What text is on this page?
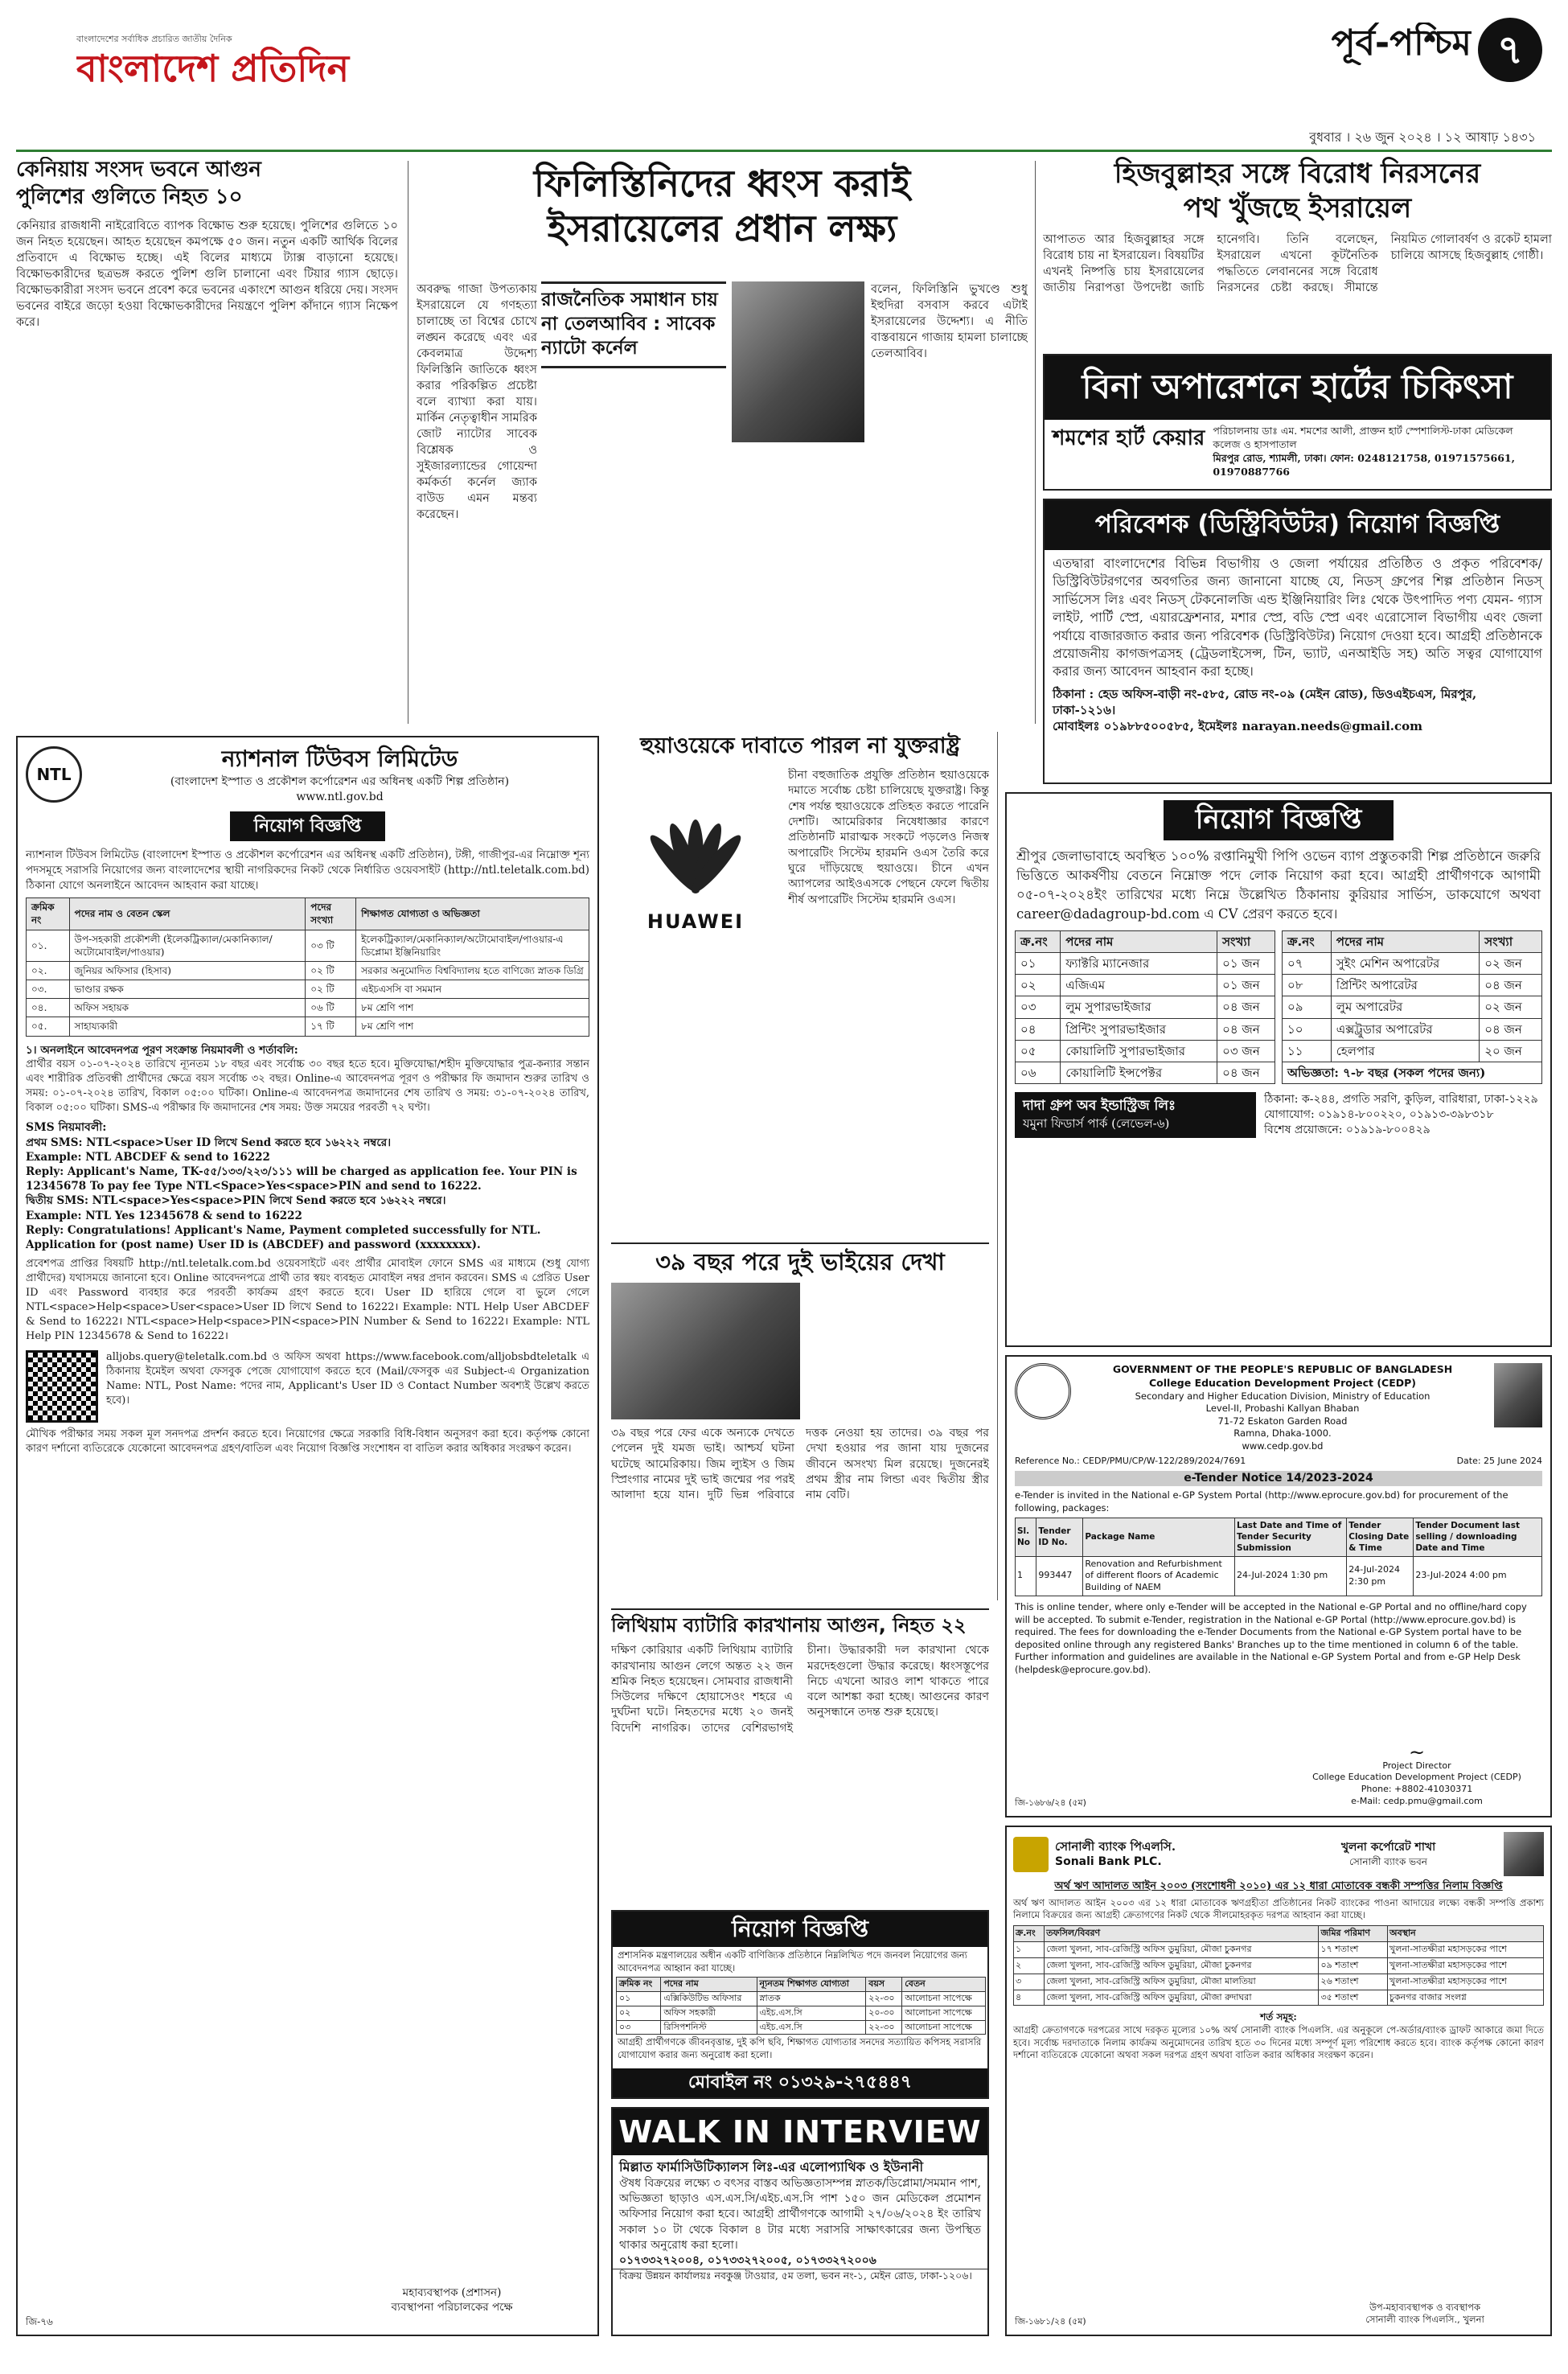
বাংলাদেশের সর্বাধিক প্রচারিত জাতীয় দৈনিক
বাংলাদেশ প্রতিদিন
পূর্ব-পশ্চিম ৭
বুধবার । ২৬ জুন ২০২৪ । ১২ আষাঢ় ১৪৩১
কেনিয়ায় সংসদ ভবনে আগুন
পুলিশের গুলিতে নিহত ১০
কেনিয়ার রাজধানী নাইরোবিতে ব্যাপক বিক্ষোভ শুরু হয়েছে। পুলিশের গুলিতে ১০ জন নিহত হয়েছেন। আহত হয়েছেন কমপক্ষে ৫০ জন। নতুন একটি আর্থিক বিলের প্রতিবাদে এ বিক্ষোভ হচ্ছে। এই বিলের মাধ্যমে ট্যাক্স বাড়ানো হয়েছে। বিক্ষোভকারীদের ছত্রভঙ্গ করতে পুলিশ গুলি চালানো এবং টিয়ার গ্যাস ছোড়ে। বিক্ষোভকারীরা সংসদ ভবনে প্রবেশ করে ভবনের একাংশে আগুন ধরিয়ে দেয়। সংসদ ভবনের বাইরে জড়ো হওয়া বিক্ষোভকারীদের নিয়ন্ত্রণে পুলিশ কাঁদানে গ্যাস নিক্ষেপ করে।
ফিলিস্তিনিদের ধ্বংস করাই
ইসরায়েলের প্রধান লক্ষ্য
রাজনৈতিক সমাধান চায় না তেলআবিব : সাবেক ন্যাটো কর্নেল
অবরুদ্ধ গাজা উপত্যকায় ইসরায়েলে যে গণহত্যা চালাচ্ছে তা বিশ্বের চোখে লঙ্ঘন করেছে এবং এর কেবলমাত্র উদ্দেশ্য ফিলিস্তিনি জাতিকে ধ্বংস করার পরিকল্পিত প্রচেষ্টা বলে ব্যাখ্যা করা যায়। মার্কিন নেতৃত্বাধীন সামরিক জোট ন্যাটোর সাবেক বিশ্লেষক ও সুইজারল্যান্ডের গোয়েন্দা কর্মকর্তা কর্নেল জ্যাক বাউড এমন মন্তব্য করেছেন।
বলেন, ফিলিস্তিনি ভুখণ্ডে শুধু ইহুদিরা বসবাস করবে এটাই ইসরায়েলের উদ্দেশ্য। এ নীতি বাস্তবায়নে গাজায় হামলা চালাচ্ছে তেলআবিব।
হিজবুল্লাহর সঙ্গে বিরোধ নিরসনের
পথ খুঁজছে ইসরায়েল
আপাতত আর হিজবুল্লাহর সঙ্গে বিরোধ চায় না ইসরায়েল। বিষয়টির এখনই নিষ্পত্তি চায় ইসরায়েলের জাতীয় নিরাপত্তা উপদেষ্টা জাচি হানেগবি। তিনি বলেছেন, ইসরায়েল এখনো কূটনৈতিক পদ্ধতিতে লেবাননের সঙ্গে বিরোধ নিরসনের চেষ্টা করছে। সীমান্তে নিয়মিত গোলাবর্ষণ ও রকেট হামলা চালিয়ে আসছে হিজবুল্লাহ গোষ্ঠী।
বিনা অপারেশনে হার্টের চিকিৎসা
শমশের হার্ট কেয়ার পরিচালনায় ডাঃ এম. শমশের আলী, প্রাক্তন হার্ট স্পেশালিস্ট-ঢাকা মেডিকেল কলেজ ও হাসপাতাল
মিরপুর রোড, শ্যামলী, ঢাকা। ফোন: 0248121758, 01971575661, 01970887766
পরিবেশক (ডিস্ট্রিবিউটর) নিয়োগ বিজ্ঞপ্তি
এতদ্বারা বাংলাদেশের বিভিন্ন বিভাগীয় ও জেলা পর্যায়ের প্রতিষ্ঠিত ও প্রকৃত পরিবেশক/ ডিস্ট্রিবিউটরগণের অবগতির জন্য জানানো যাচ্ছে যে, নিডস্ গ্রুপের শিল্প প্রতিষ্ঠান নিডস্ সার্ভিসেস লিঃ এবং নিডস্ টেকনোলজি এন্ড ইঞ্জিনিয়ারিং লিঃ থেকে উৎপাদিত পণ্য যেমন- গ্যাস লাইট, পার্টি স্প্রে, এয়ারফ্রেশনার, মশার স্প্রে, বডি স্প্রে এবং এরোসোল বিভাগীয় এবং জেলা পর্যায়ে বাজারজাত করার জন্য পরিবেশক (ডিস্ট্রিবিউটর) নিয়োগ দেওয়া হবে। আগ্রহী প্রতিষ্ঠানকে প্রয়োজনীয় কাগজপত্রসহ (ট্রেডলাইসেন্স, টিন, ভ্যাট, এনআইডি সহ) অতি সত্বর যোগাযোগ করার জন্য আবেদন আহবান করা হচ্ছে।
ঠিকানা : হেড অফিস-বাড়ী নং-৫৮৫, রোড নং-০৯ (মেইন রোড), ডিওএইচএস, মিরপুর, ঢাকা-১২১৬।
মোবাইলঃ ০১৯৮৮৫০০৫৮৫, ইমেইলঃ narayan.needs@gmail.com
NTL
ন্যাশনাল টিউবস লিমিটেড
(বাংলাদেশ ইস্পাত ও প্রকৌশল কর্পোরেশন এর অধিনস্থ একটি শিল্প প্রতিষ্ঠান)
www.ntl.gov.bd
নিয়োগ বিজ্ঞপ্তি
ন্যাশনাল টিউবস লিমিটেড (বাংলাদেশ ইস্পাত ও প্রকৌশল কর্পোরেশন এর অধিনস্থ একটি প্রতিষ্ঠান), টঙ্গী, গাজীপুর-এর নিম্নোক্ত শূন্য পদসমূহে সরাসরি নিয়োগের জন্য বাংলাদেশের স্থায়ী নাগরিকদের নিকট থেকে নির্ধারিত ওয়েবসাইট (http://ntl.teletalk.com.bd) ঠিকানা যোগে অনলাইনে আবেদন আহবান করা যাচ্ছে।
ক্রমিক নং	পদের নাম ও বেতন স্কেল	পদের সংখ্যা	শিক্ষাগত যোগ্যতা ও অভিজ্ঞতা
০১.	উপ-সহকারী প্রকৌশলী (ইলেকট্রিক্যাল/মেকানিক্যাল/অটোমোবাইল/পাওয়ার)	০৩ টি	ইলেকট্রিক্যাল/মেকানিক্যাল/অটোমোবাইল/পাওয়ার-এ ডিপ্লোমা ইঞ্জিনিয়ারিং
০২.	জুনিয়র অফিসার (হিসাব)	০২ টি	সরকার অনুমোদিত বিশ্ববিদ্যালয় হতে বাণিজ্যে স্নাতক ডিগ্রি
০৩.	ভাণ্ডার রক্ষক	০২ টি	এইচএসসি বা সমমান
০৪.	অফিস সহায়ক	০৬ টি	৮ম শ্রেণি পাশ
০৫.	সাহায্যকারী	১৭ টি	৮ম শ্রেণি পাশ
১। অনলাইনে আবেদনপত্র পূরণ সংক্রান্ত নিয়মাবলী ও শর্তাবলি:
প্রার্থীর বয়স ০১-০৭-২০২৪ তারিখে ন্যূনতম ১৮ বছর এবং সর্বোচ্চ ৩০ বছর হতে হবে। মুক্তিযোদ্ধা/শহীদ মুক্তিযোদ্ধার পুত্র-কন্যার সন্তান এবং শারীরিক প্রতিবন্ধী প্রার্থীদের ক্ষেত্রে বয়স সর্বোচ্চ ৩২ বছর। Online-এ আবেদনপত্র পূরণ ও পরীক্ষার ফি জমাদান শুরুর তারিখ ও সময়: ০১-০৭-২০২৪ তারিখ, বিকাল ০৫:০০ ঘটিকা। Online-এ আবেদনপত্র জমাদানের শেষ তারিখ ও সময়: ৩১-০৭-২০২৪ তারিখ, বিকাল ০৫:০০ ঘটিকা। SMS-এ পরীক্ষার ফি জমাদানের শেষ সময়: উক্ত সময়ের পরবর্তী ৭২ ঘণ্টা।
SMS নিয়মাবলী:
প্রথম SMS: NTL<space>User ID লিখে Send করতে হবে ১৬২২২ নম্বরে।
Example: NTL ABCDEF & send to 16222
Reply: Applicant's Name, TK-৫৫/১৩৩/২২৩/১১১ will be charged as application fee. Your PIN is 12345678 To pay fee Type NTL<Space>Yes<space>PIN and send to 16222.
দ্বিতীয় SMS: NTL<space>Yes<space>PIN লিখে Send করতে হবে ১৬২২২ নম্বরে।
Example: NTL Yes 12345678 & send to 16222
Reply: Congratulations! Applicant's Name, Payment completed successfully for NTL. Application for (post name) User ID is (ABCDEF) and password (xxxxxxxx).
প্রবেশপত্র প্রাপ্তির বিষয়টি http://ntl.teletalk.com.bd ওয়েবসাইটে এবং প্রার্থীর মোবাইল ফোনে SMS এর মাধ্যমে (শুধু যোগ্য প্রার্থীদের) যথাসময়ে জানানো হবে। Online আবেদনপত্রে প্রার্থী তার স্বয়ং ব্যবহৃত মোবাইল নম্বর প্রদান করবেন। SMS এ প্রেরিত User ID এবং Password ব্যবহার করে পরবর্তী কার্যক্রম গ্রহণ করতে হবে। User ID হারিয়ে গেলে বা ভুলে গেলে NTL<space>Help<space>User<space>User ID লিখে Send to 16222। Example: NTL Help User ABCDEF & Send to 16222। NTL<space>Help<space>PIN<space>PIN Number & Send to 16222। Example: NTL Help PIN 12345678 & Send to 16222।
alljobs.query@teletalk.com.bd ও অফিস অথবা https://www.facebook.com/alljobsbdteletalk এ ঠিকানায় ইমেইল অথবা ফেসবুক পেজে যোগাযোগ করতে হবে (Mail/ফেসবুক এর Subject-এ Organization Name: NTL, Post Name: পদের নাম, Applicant's User ID ও Contact Number অবশ্যই উল্লেখ করতে হবে)।
মৌখিক পরীক্ষার সময় সকল মূল সনদপত্র প্রদর্শন করতে হবে। নিয়োগের ক্ষেত্রে সরকারি বিধি-বিধান অনুসরণ করা হবে। কর্তৃপক্ষ কোনো কারণ দর্শানো ব্যতিরেকে যেকোনো আবেদনপত্র গ্রহণ/বাতিল এবং নিয়োগ বিজ্ঞপ্তি সংশোধন বা বাতিল করার অধিকার সংরক্ষণ করেন।
মহাব্যবস্থাপক (প্রশাসন)
ব্যবস্থাপনা পরিচালকের পক্ষে
জি-৭৬
হুয়াওয়েকে দাবাতে পারল না যুক্তরাষ্ট্র
HUAWEI
চীনা বহুজাতিক প্রযুক্তি প্রতিষ্ঠান হুয়াওয়েকে দমাতে সর্বোচ্চ চেষ্টা চালিয়েছে যুক্তরাষ্ট্র। কিন্তু শেষ পর্যন্ত হুয়াওয়েকে প্রতিহত করতে পারেনি দেশটি। আমেরিকার নিষেধাজ্ঞার কারণে প্রতিষ্ঠানটি মারাত্মক সংকটে পড়লেও নিজস্ব অপারেটিং সিস্টেম হারমনি ওএস তৈরি করে ঘুরে দাঁড়িয়েছে হুয়াওয়ে। চীনে এখন অ্যাপলের আইওএসকে পেছনে ফেলে দ্বিতীয় শীর্ষ অপারেটিং সিস্টেম হারমনি ওএস।
৩৯ বছর পরে দুই ভাইয়ের দেখা
৩৯ বছর পরে ফের একে অন্যকে দেখতে পেলেন দুই যমজ ভাই। আশ্চর্য ঘটনা ঘটেছে আমেরিকায়। জিম ল্যুইস ও জিম স্প্রিংগার নামের দুই ভাই জন্মের পর পরই আলাদা হয়ে যান। দুটি ভিন্ন পরিবারে দত্তক নেওয়া হয় তাদের। ৩৯ বছর পর দেখা হওয়ার পর জানা যায় দুজনের জীবনে অসংখ্য মিল রয়েছে। দুজনেরই প্রথম স্ত্রীর নাম লিন্ডা এবং দ্বিতীয় স্ত্রীর নাম বেটি।
লিথিয়াম ব্যাটারি কারখানায় আগুন, নিহত ২২
দক্ষিণ কোরিয়ার একটি লিথিয়াম ব্যাটারি কারখানায় আগুন লেগে অন্তত ২২ জন শ্রমিক নিহত হয়েছেন। সোমবার রাজধানী সিউলের দক্ষিণে হোয়াসেওং শহরে এ দুর্ঘটনা ঘটে। নিহতদের মধ্যে ২০ জনই বিদেশি নাগরিক। তাদের বেশিরভাগই চীনা। উদ্ধারকারী দল কারখানা থেকে মরদেহগুলো উদ্ধার করেছে। ধ্বংসস্তূপের নিচে এখনো আরও লাশ থাকতে পারে বলে আশঙ্কা করা হচ্ছে। আগুনের কারণ অনুসন্ধানে তদন্ত শুরু হয়েছে।
নিয়োগ বিজ্ঞপ্তি
প্রশাসনিক মন্ত্রণালয়ের অধীন একটি বাণিজ্যিক প্রতিষ্ঠানে নিম্নলিখিত পদে জনবল নিয়োগের জন্য আবেদনপত্র আহ্বান করা যাচ্ছে।
ক্রমিক নং	পদের নাম	ন্যূনতম শিক্ষাগত যোগ্যতা	বয়স	বেতন
০১	এক্সিকিউটিভ অফিসার	স্নাতক	২২-৩০	আলোচনা সাপেক্ষে
০২	অফিস সহকারী	এইচ.এস.সি	২০-৩০	আলোচনা সাপেক্ষে
০৩	রিসিপশনিস্ট	এইচ.এস.সি	২২-৩০	আলোচনা সাপেক্ষে
আগ্রহী প্রার্থীগণকে জীবনবৃত্তান্ত, দুই কপি ছবি, শিক্ষাগত যোগ্যতার সনদের সত্যায়িত কপিসহ সরাসরি যোগাযোগ করার জন্য অনুরোধ করা হলো।
মোবাইল নং ০১৩২৯-২৭৫৪৪৭
WALK IN INTERVIEW
মিল্লাত ফার্মাসিউটিক্যালস লিঃ-এর এলোপ্যাথিক ও ইউনানী
ঔষধ বিক্রয়ের লক্ষ্যে ৩ বৎসর বাস্তব অভিজ্ঞতাসম্পন্ন স্নাতক/ডিপ্লোমা/সমমান পাশ, অভিজ্ঞতা ছাড়াও এস.এস.সি/এইচ.এস.সি পাশ ১৫০ জন মেডিকেল প্রমোশন অফিসার নিয়োগ করা হবে। আগ্রহী প্রার্থীগণকে আগামী ২৭/০৬/২০২৪ ইং তারিখ সকাল ১০ টা থেকে বিকাল ৪ টার মধ্যে সরাসরি সাক্ষাৎকারের জন্য উপস্থিত থাকার অনুরোধ করা হলো।
০১৭৩৩২৭২০০৪, ০১৭৩৩২৭২০০৫, ০১৭৩৩২৭২০০৬
বিক্রয় উন্নয়ন কার্যালয়ঃ নবকুঞ্জ টাওয়ার, ৫ম তলা, ভবন নং-১, মেইন রোড, ঢাকা-১২০৬।
নিয়োগ বিজ্ঞপ্তি
শ্রীপুর জেলাভাবাহে অবস্থিত ১০০% রপ্তানিমুখী পিপি ওভেন ব্যাগ প্রস্তুতকারী শিল্প প্রতিষ্ঠানে জরুরি ভিত্তিতে আকর্ষণীয় বেতনে নিম্নোক্ত পদে লোক নিয়োগ করা হবে। আগ্রহী প্রার্থীগণকে আগামী ০৫-০৭-২০২৪ইং তারিখের মধ্যে নিম্নে উল্লেখিত ঠিকানায় কুরিয়ার সার্ভিস, ডাকযোগে অথবা career@dadagroup-bd.com এ CV প্রেরণ করতে হবে।
ক্র.নং	পদের নাম	সংখ্যা
০১	ফ্যাক্টরি ম্যানেজার	০১ জন
০২	এজিএম	০১ জন
০৩	লুম সুপারভাইজার	০৪ জন
০৪	প্রিন্টিং সুপারভাইজার	০৪ জন
০৫	কোয়ালিটি সুপারভাইজার	০৩ জন
০৬	কোয়ালিটি ইন্সপেক্টর	০৪ জন
ক্র.নং	পদের নাম	সংখ্যা
০৭	সুইং মেশিন অপারেটর	০২ জন
০৮	প্রিন্টিং অপারেটর	০৪ জন
০৯	লুম অপারেটর	০২ জন
১০	এক্সট্রুডার অপারেটর	০৪ জন
১১	হেলপার	২০ জন
অভিজ্ঞতা: ৭-৮ বছর (সকল পদের জন্য)		
দাদা গ্রুপ অব ইন্ডাস্ট্রিজ লিঃ
যমুনা ফিডার্স পার্ক (লেভেল-৬)
ঠিকানা: ক-২৪৪, প্রগতি সরণি, কুড়িল, বারিধারা, ঢাকা-১২২৯
যোগাযোগ: ০১৯১৪-৮০০২২০, ০১৯১৩-৩৯৮৩১৮
বিশেষ প্রয়োজনে: ০১৯১৯-৮০০৪২৯
GOVERNMENT OF THE PEOPLE'S REPUBLIC OF BANGLADESH
College Education Development Project (CEDP)
Secondary and Higher Education Division, Ministry of Education
Level-II, Probashi Kallyan Bhaban
71-72 Eskaton Garden Road
Ramna, Dhaka-1000.
www.cedp.gov.bd
Reference No.: CEDP/PMU/CP/W-122/289/2024/7691	Date: 25 June 2024
e-Tender Notice 14/2023-2024
e-Tender is invited in the National e-GP System Portal (http://www.eprocure.gov.bd) for procurement of the following, packages:
Sl. No	Tender ID No.	Package Name	Last Date and Time of Tender Security Submission	Tender Closing Date & Time	Tender Document last selling / downloading Date and Time
1	993447	Renovation and Refurbishment of different floors of Academic Building of NAEM	24-Jul-2024 1:30 pm	24-Jul-2024 2:30 pm	23-Jul-2024 4:00 pm
This is online tender, where only e-Tender will be accepted in the National e-GP Portal and no offline/hard copy will be accepted. To submit e-Tender, registration in the National e-GP Portal (http://www.eprocure.gov.bd) is required. The fees for downloading the e-Tender Documents from the National e-GP System portal have to be deposited online through any registered Banks' Branches up to the time mentioned in column 6 of the table. Further information and guidelines are available in the National e-GP System Portal and from e-GP Help Desk (helpdesk@eprocure.gov.bd).
~
Project Director
College Education Development Project (CEDP)
Phone: +8802-41030371
e-Mail: cedp.pmu@gmail.com
জি-১৬৮৬/২৪ (৫ম)
সোনালী ব্যাংক পিএলসি.
Sonali Bank PLC.
খুলনা কর্পোরেট শাখা
সোনালী ব্যাংক ভবন
অর্থ ঋণ আদালত আইন ২০০৩ (সংশোধনী ২০১০) এর ১২ ধারা মোতাবেক বন্ধকী সম্পত্তির নিলাম বিজ্ঞপ্তি
অর্থ ঋণ আদালত আইন ২০০৩ এর ১২ ধারা মোতাবেক ঋণগ্রহীতা প্রতিষ্ঠানের নিকট ব্যাংকের পাওনা আদায়ের লক্ষ্যে বন্ধকী সম্পত্তি প্রকাশ্য নিলামে বিক্রয়ের জন্য আগ্রহী ক্রেতাগণের নিকট থেকে সীলমোহরকৃত দরপত্র আহবান করা যাচ্ছে।
ক্র.নং	তফসিল/বিবরণ	জমির পরিমাণ	অবস্থান
১	জেলা খুলনা, সাব-রেজিস্ট্রি অফিস ডুমুরিয়া, মৌজা চুকনগর	১৭ শতাংশ	খুলনা-সাতক্ষীরা মহাসড়কের পাশে
২	জেলা খুলনা, সাব-রেজিস্ট্রি অফিস ডুমুরিয়া, মৌজা চুকনগর	০৯ শতাংশ	খুলনা-সাতক্ষীরা মহাসড়কের পাশে
৩	জেলা খুলনা, সাব-রেজিস্ট্রি অফিস ডুমুরিয়া, মৌজা মালতিয়া	২৬ শতাংশ	খুলনা-সাতক্ষীরা মহাসড়কের পাশে
৪	জেলা খুলনা, সাব-রেজিস্ট্রি অফিস ডুমুরিয়া, মৌজা রুদাঘরা	৩৫ শতাংশ	চুকনগর বাজার সংলগ্ন
শর্ত সমূহ:
আগ্রহী ক্রেতাগণকে দরপত্রের সাথে দরকৃত মূল্যের ১০% অর্থ সোনালী ব্যাংক পিএলসি. এর অনুকূলে পে-অর্ডার/ব্যাংক ড্রাফট আকারে জমা দিতে হবে। সর্বোচ্চ দরদাতাকে নিলাম কার্যক্রম অনুমোদনের তারিখ হতে ৩০ দিনের মধ্যে সম্পূর্ণ মূল্য পরিশোধ করতে হবে। ব্যাংক কর্তৃপক্ষ কোনো কারণ দর্শানো ব্যতিরেকে যেকোনো অথবা সকল দরপত্র গ্রহণ অথবা বাতিল করার অধিকার সংরক্ষণ করেন।
উপ-মহাব্যবস্থাপক ও ব্যবস্থাপক
সোনালী ব্যাংক পিএলসি., খুলনা
জি-১৬৮১/২৪ (৫ম)
